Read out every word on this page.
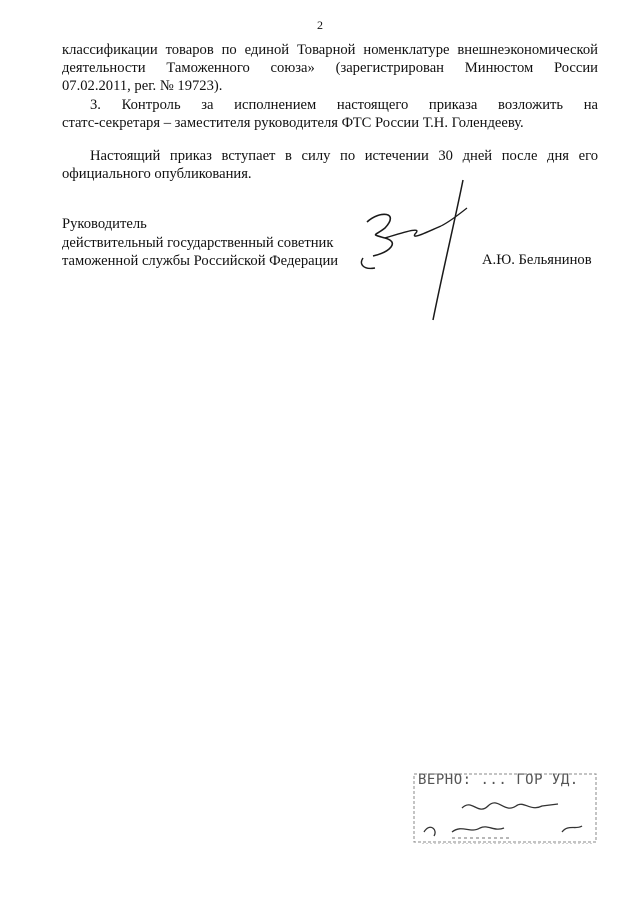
2
классификации товаров по единой Товарной номенклатуре внешнеэкономической
деятельности Таможенного союза» (зарегистрирован Минюстом России
07.02.2011, рег. № 19723).
3. Контроль за исполнением настоящего приказа возложить на
статс-секретаря – заместителя руководителя ФТС России Т.Н. Голендееву.
Настоящий приказ вступает в силу по истечении 30 дней после дня его
официального опубликования.
Руководитель
действительный государственный советник
таможенной службы Российской Федерации	А.Ю. Бельянинов
ВЕРНО: ... ГОР УД.
